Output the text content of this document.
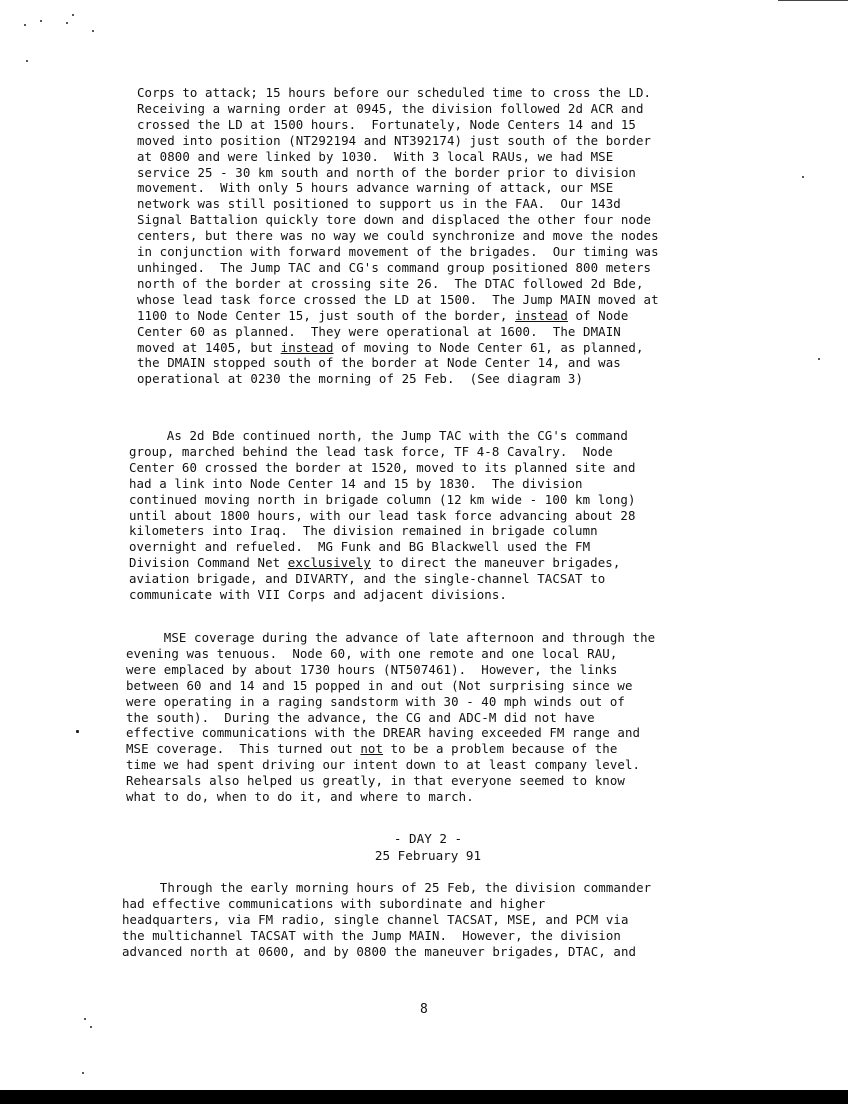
Corps to attack; 15 hours before our scheduled time to cross the LD.
Receiving a warning order at 0945, the division followed 2d ACR and
crossed the LD at 1500 hours.  Fortunately, Node Centers 14 and 15
moved into position (NT292194 and NT392174) just south of the border
at 0800 and were linked by 1030.  With 3 local RAUs, we had MSE
service 25 - 30 km south and north of the border prior to division
movement.  With only 5 hours advance warning of attack, our MSE
network was still positioned to support us in the FAA.  Our 143d
Signal Battalion quickly tore down and displaced the other four node
centers, but there was no way we could synchronize and move the nodes
in conjunction with forward movement of the brigades.  Our timing was
unhinged.  The Jump TAC and CG's command group positioned 800 meters
north of the border at crossing site 26.  The DTAC followed 2d Bde,
whose lead task force crossed the LD at 1500.  The Jump MAIN moved at
1100 to Node Center 15, just south of the border, instead of Node
Center 60 as planned.  They were operational at 1600.  The DMAIN
moved at 1405, but instead of moving to Node Center 61, as planned,
the DMAIN stopped south of the border at Node Center 14, and was
operational at 0230 the morning of 25 Feb.  (See diagram 3)
As 2d Bde continued north, the Jump TAC with the CG's command
group, marched behind the lead task force, TF 4-8 Cavalry.  Node
Center 60 crossed the border at 1520, moved to its planned site and
had a link into Node Center 14 and 15 by 1830.  The division
continued moving north in brigade column (12 km wide - 100 km long)
until about 1800 hours, with our lead task force advancing about 28
kilometers into Iraq.  The division remained in brigade column
overnight and refueled.  MG Funk and BG Blackwell used the FM
Division Command Net exclusively to direct the maneuver brigades,
aviation brigade, and DIVARTY, and the single-channel TACSAT to
communicate with VII Corps and adjacent divisions.
MSE coverage during the advance of late afternoon and through the
evening was tenuous.  Node 60, with one remote and one local RAU,
were emplaced by about 1730 hours (NT507461).  However, the links
between 60 and 14 and 15 popped in and out (Not surprising since we
were operating in a raging sandstorm with 30 - 40 mph winds out of
the south).  During the advance, the CG and ADC-M did not have
effective communications with the DREAR having exceeded FM range and
MSE coverage.  This turned out not to be a problem because of the
time we had spent driving our intent down to at least company level.
Rehearsals also helped us greatly, in that everyone seemed to know
what to do, when to do it, and where to march.
- DAY 2 -
25 February 91
Through the early morning hours of 25 Feb, the division commander
had effective communications with subordinate and higher
headquarters, via FM radio, single channel TACSAT, MSE, and PCM via
the multichannel TACSAT with the Jump MAIN.  However, the division
advanced north at 0600, and by 0800 the maneuver brigades, DTAC, and
8
